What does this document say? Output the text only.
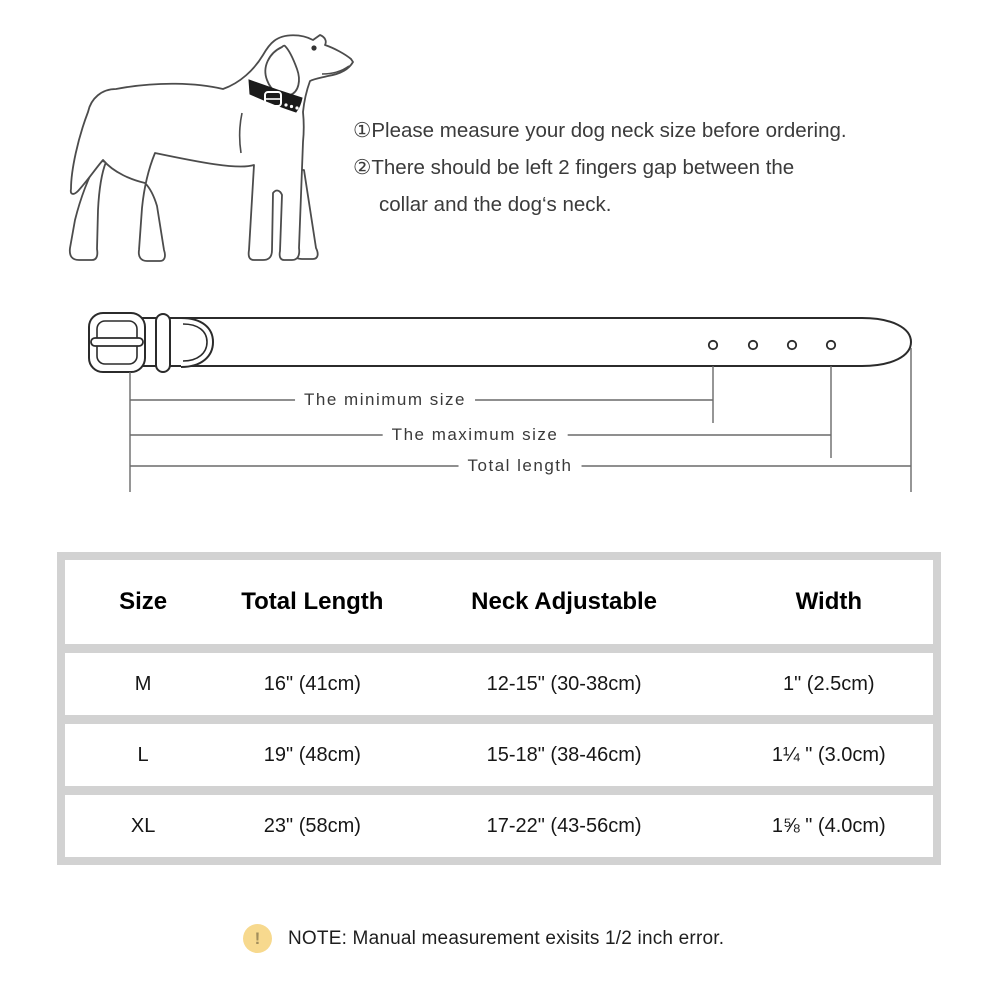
①Please measure your dog neck size before ordering.
②There should be left 2 fingers gap between the
collar and the dog‘s neck.
The minimum size
The maximum size
Total length
Size	Total Length	Neck Adjustable	Width
M	16" (41cm)	12-15" (30-38cm)	1" (2.5cm)
L	19" (48cm)	15-18" (38-46cm)	1¼ " (3.0cm)
XL	23" (58cm)	17-22" (43-56cm)	1⅝ " (4.0cm)
!	NOTE: Manual measurement exisits 1/2 inch error.
